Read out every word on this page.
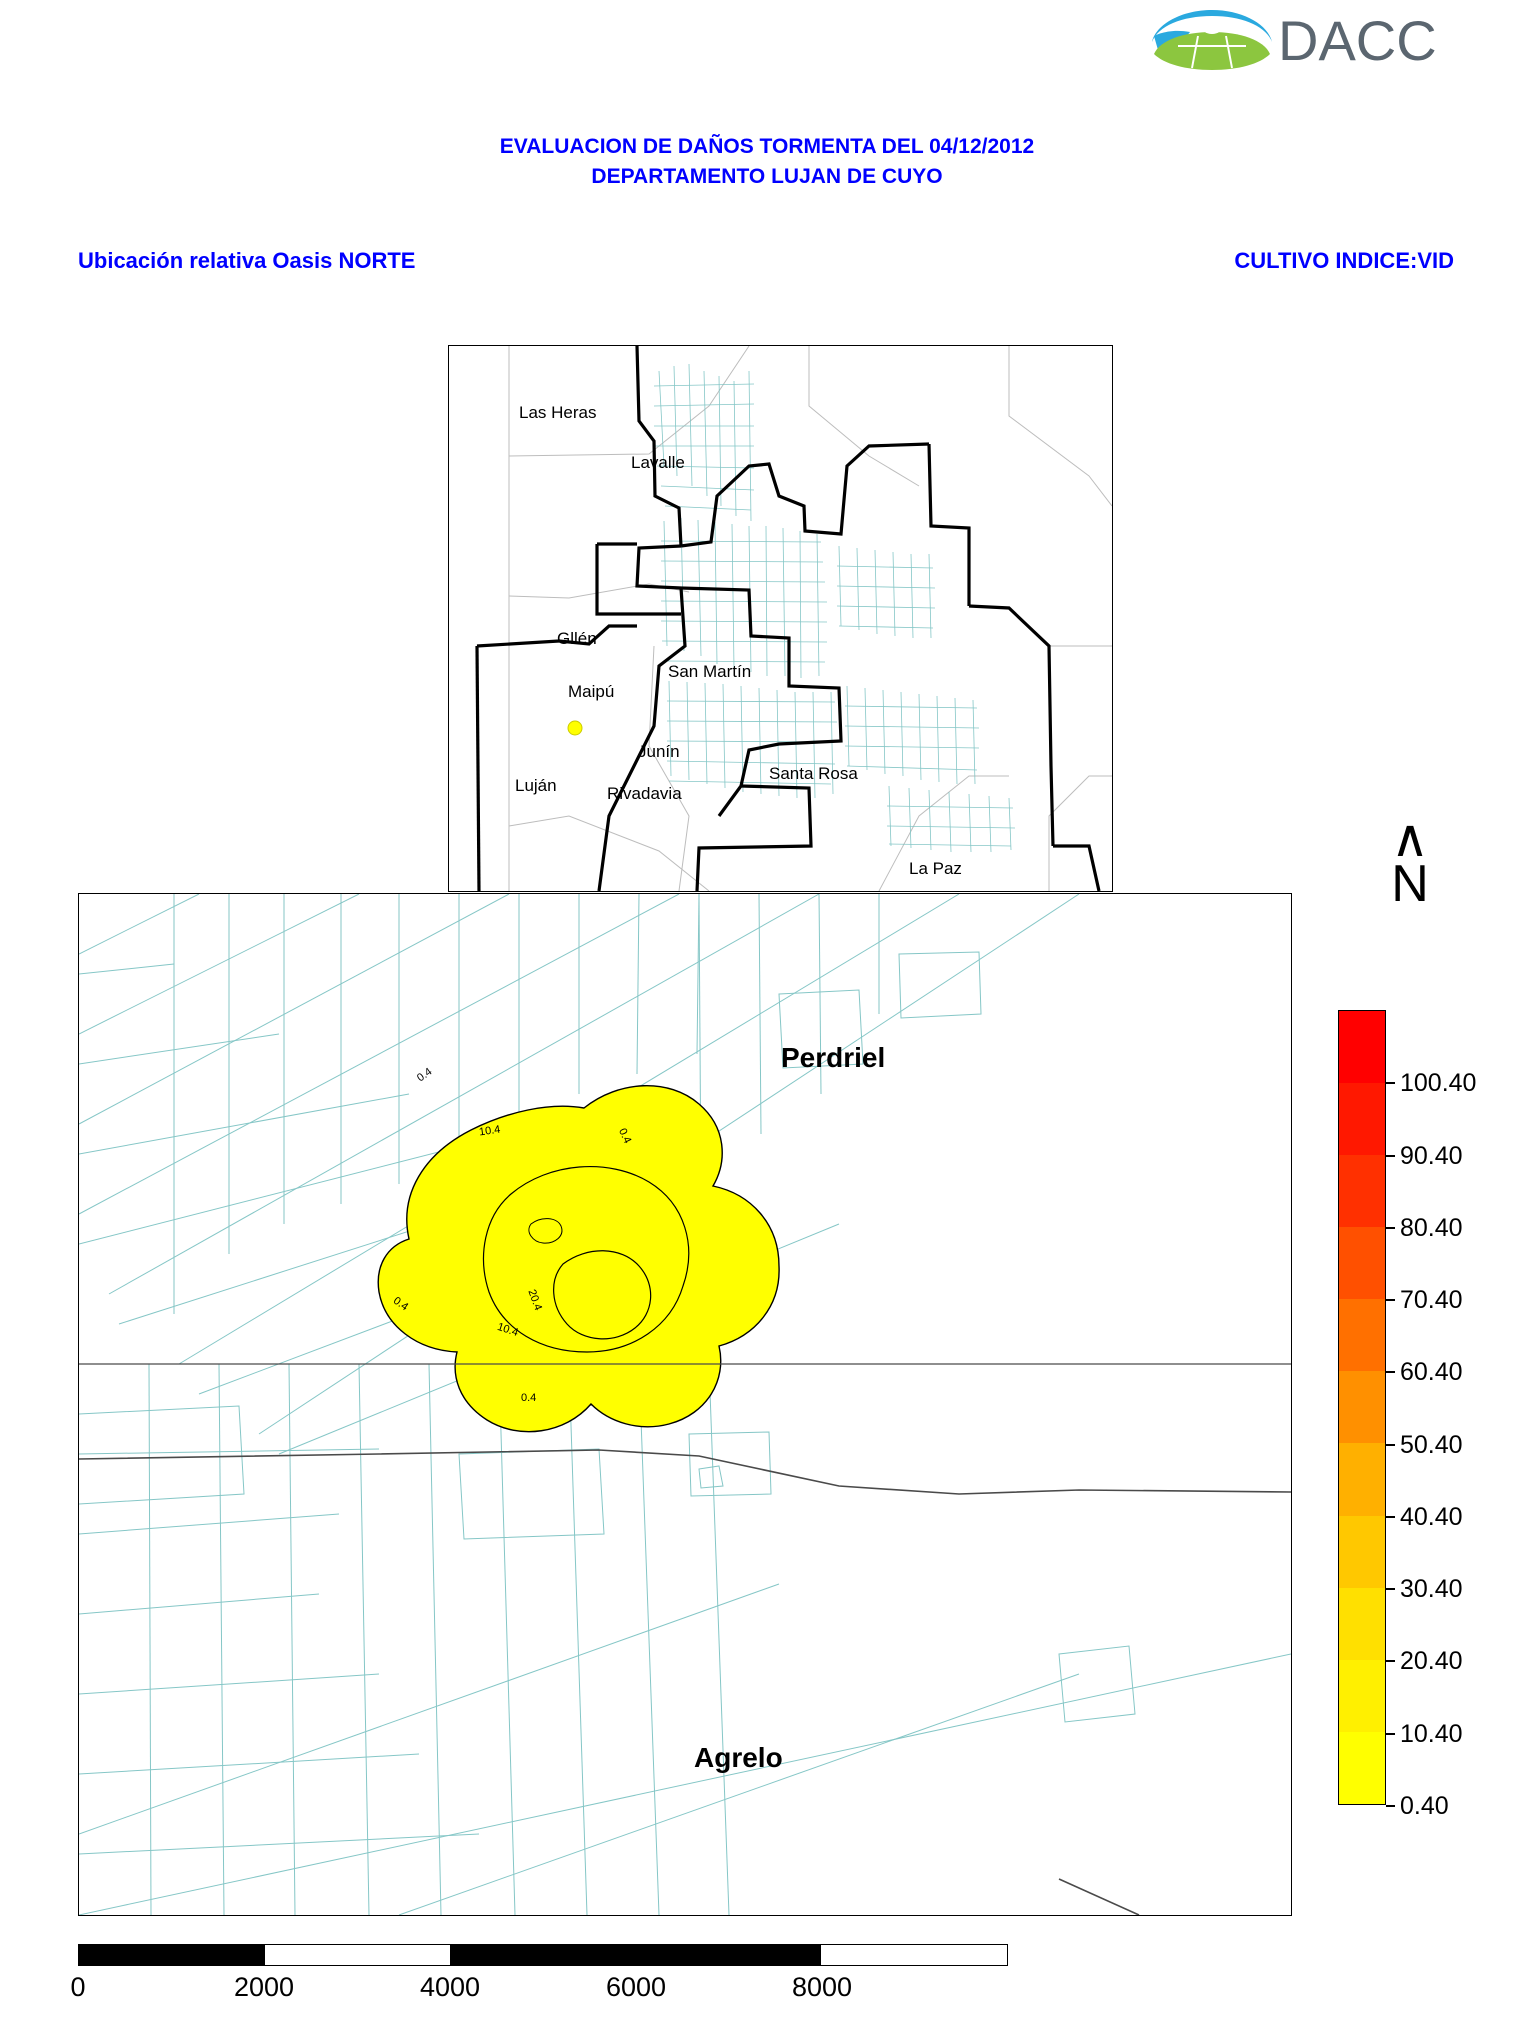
DACC
EVALUACION DE DAÑOS TORMENTA DEL 04/12/2012
DEPARTAMENTO LUJAN DE CUYO
Ubicación relativa Oasis NORTE	CULTIVO INDICE:VID
Las Heras
Lavalle
Gllén
Maipú
San Martín
Junín
Luján	Rivadavia
Santa Rosa
La Paz
Perdriel
Agrelo
0.4
10.4	0.4
20.4
10.4
0.4
0.4
∧
N
0.40
10.40
20.40
30.40
40.40
50.40
60.40
70.40
80.40
90.40
100.40
0	2000	4000	6000	8000
